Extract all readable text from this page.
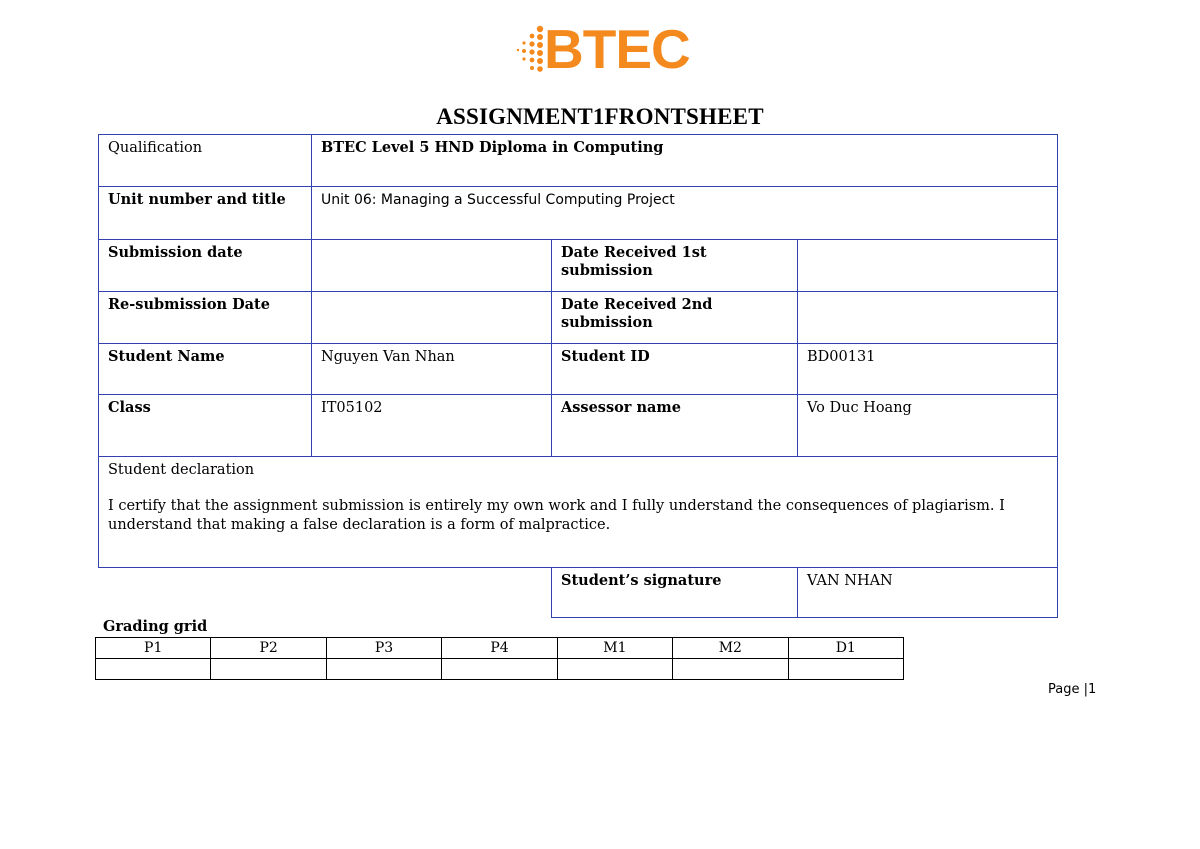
BTEC
ASSIGNMENT1FRONTSHEET
Qualification	BTEC Level 5 HND Diploma in Computing		
Unit number and title	Unit 06: Managing a Successful Computing Project		
Submission date		Date Received 1st submission	
Re-submission Date		Date Received 2nd submission	
Student Name	Nguyen Van Nhan	Student ID	BD00131
Class	IT05102	Assessor name	Vo Duc Hoang

Student declaration
I certify that the assignment submission is entirely my own work and I fully understand the consequences of plagiarism. I understand that making a false declaration is a form of malpractice.			

		Student’s signature	VAN NHAN
Grading grid
P1	P2	P3	P4	M1	M2	D1

Page |1
